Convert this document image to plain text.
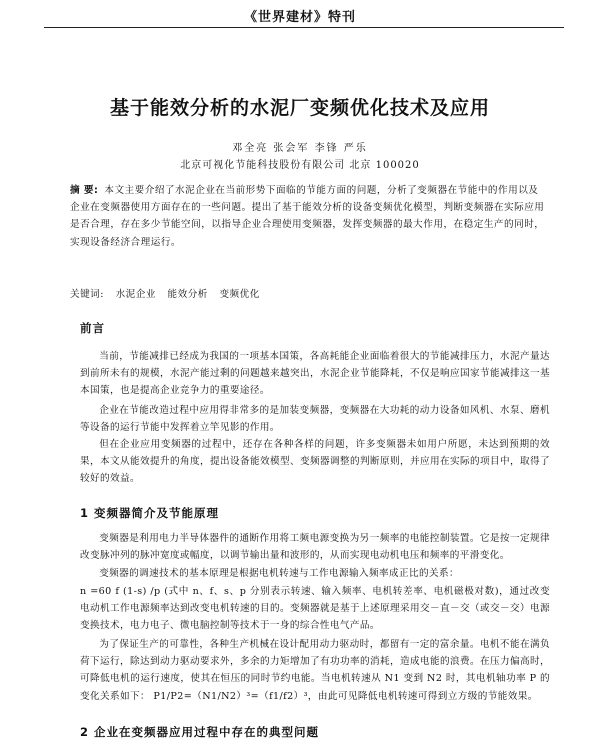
《世界建材》特刊
基于能效分析的水泥厂变频优化技术及应用
邓全亮 张会军 李锋 严乐
北京可视化节能科技股份有限公司 北京 100020
摘 要: 本文主要介绍了水泥企业在当前形势下面临的节能方面的问题，分析了变频器在节能中的作用以及企业在变频器使用方面存在的一些问题。提出了基于能效分析的设备变频优化模型，判断变频器在实际应用是否合理，存在多少节能空间，以指导企业合理使用变频器，发挥变频器的最大作用，在稳定生产的同时，实现设备经济合理运行。
关键词: 水泥企业 能效分析 变频优化
前言
当前，节能减排已经成为我国的一项基本国策，各高耗能企业面临着很大的节能减排压力，水泥产量达到前所未有的规模，水泥产能过剩的问题越来越突出，水泥企业节能降耗，不仅是响应国家节能减排这一基本国策，也是提高企业竞争力的重要途径。
企业在节能改造过程中应用得非常多的是加装变频器，变频器在大功耗的动力设备如风机、水泵、磨机等设备的运行节能中发挥着立竿见影的作用。
但在企业应用变频器的过程中，还存在各种各样的问题，许多变频器未如用户所愿，未达到预期的效果，本文从能效提升的角度，提出设备能效模型、变频器调整的判断原则，并应用在实际的项目中，取得了较好的效益。
1 变频器简介及节能原理
变频器是利用电力半导体器件的通断作用将工频电源变换为另一频率的电能控制装置。它是按一定规律改变脉冲列的脉冲宽度或幅度，以调节输出量和波形的，从而实现电动机电压和频率的平滑变化。
变频器的调速技术的基本原理是根据电机转速与工作电源输入频率成正比的关系：
n =60 f (1-s) /p (式中 n、f、s、p 分别表示转速、输入频率、电机转差率、电机磁极对数)，通过改变电动机工作电源频率达到改变电机转速的目的。变频器就是基于上述原理采用交－直－交（或交－交）电源变换技术，电力电子、微电脑控制等技术于一身的综合性电气产品。
为了保证生产的可靠性，各种生产机械在设计配用动力驱动时，都留有一定的富余量。电机不能在满负荷下运行，除达到动力驱动要求外，多余的力矩增加了有功功率的消耗，造成电能的浪费。在压力偏高时，可降低电机的运行速度，使其在恒压的同时节约电能。当电机转速从 N1 变到 N2 时，其电机轴功率 P 的变化关系如下： P1/P2=（N1/N2）³=（f1/f2）³，由此可见降低电机转速可得到立方级的节能效果。
2 企业在变频器应用过程中存在的典型问题
